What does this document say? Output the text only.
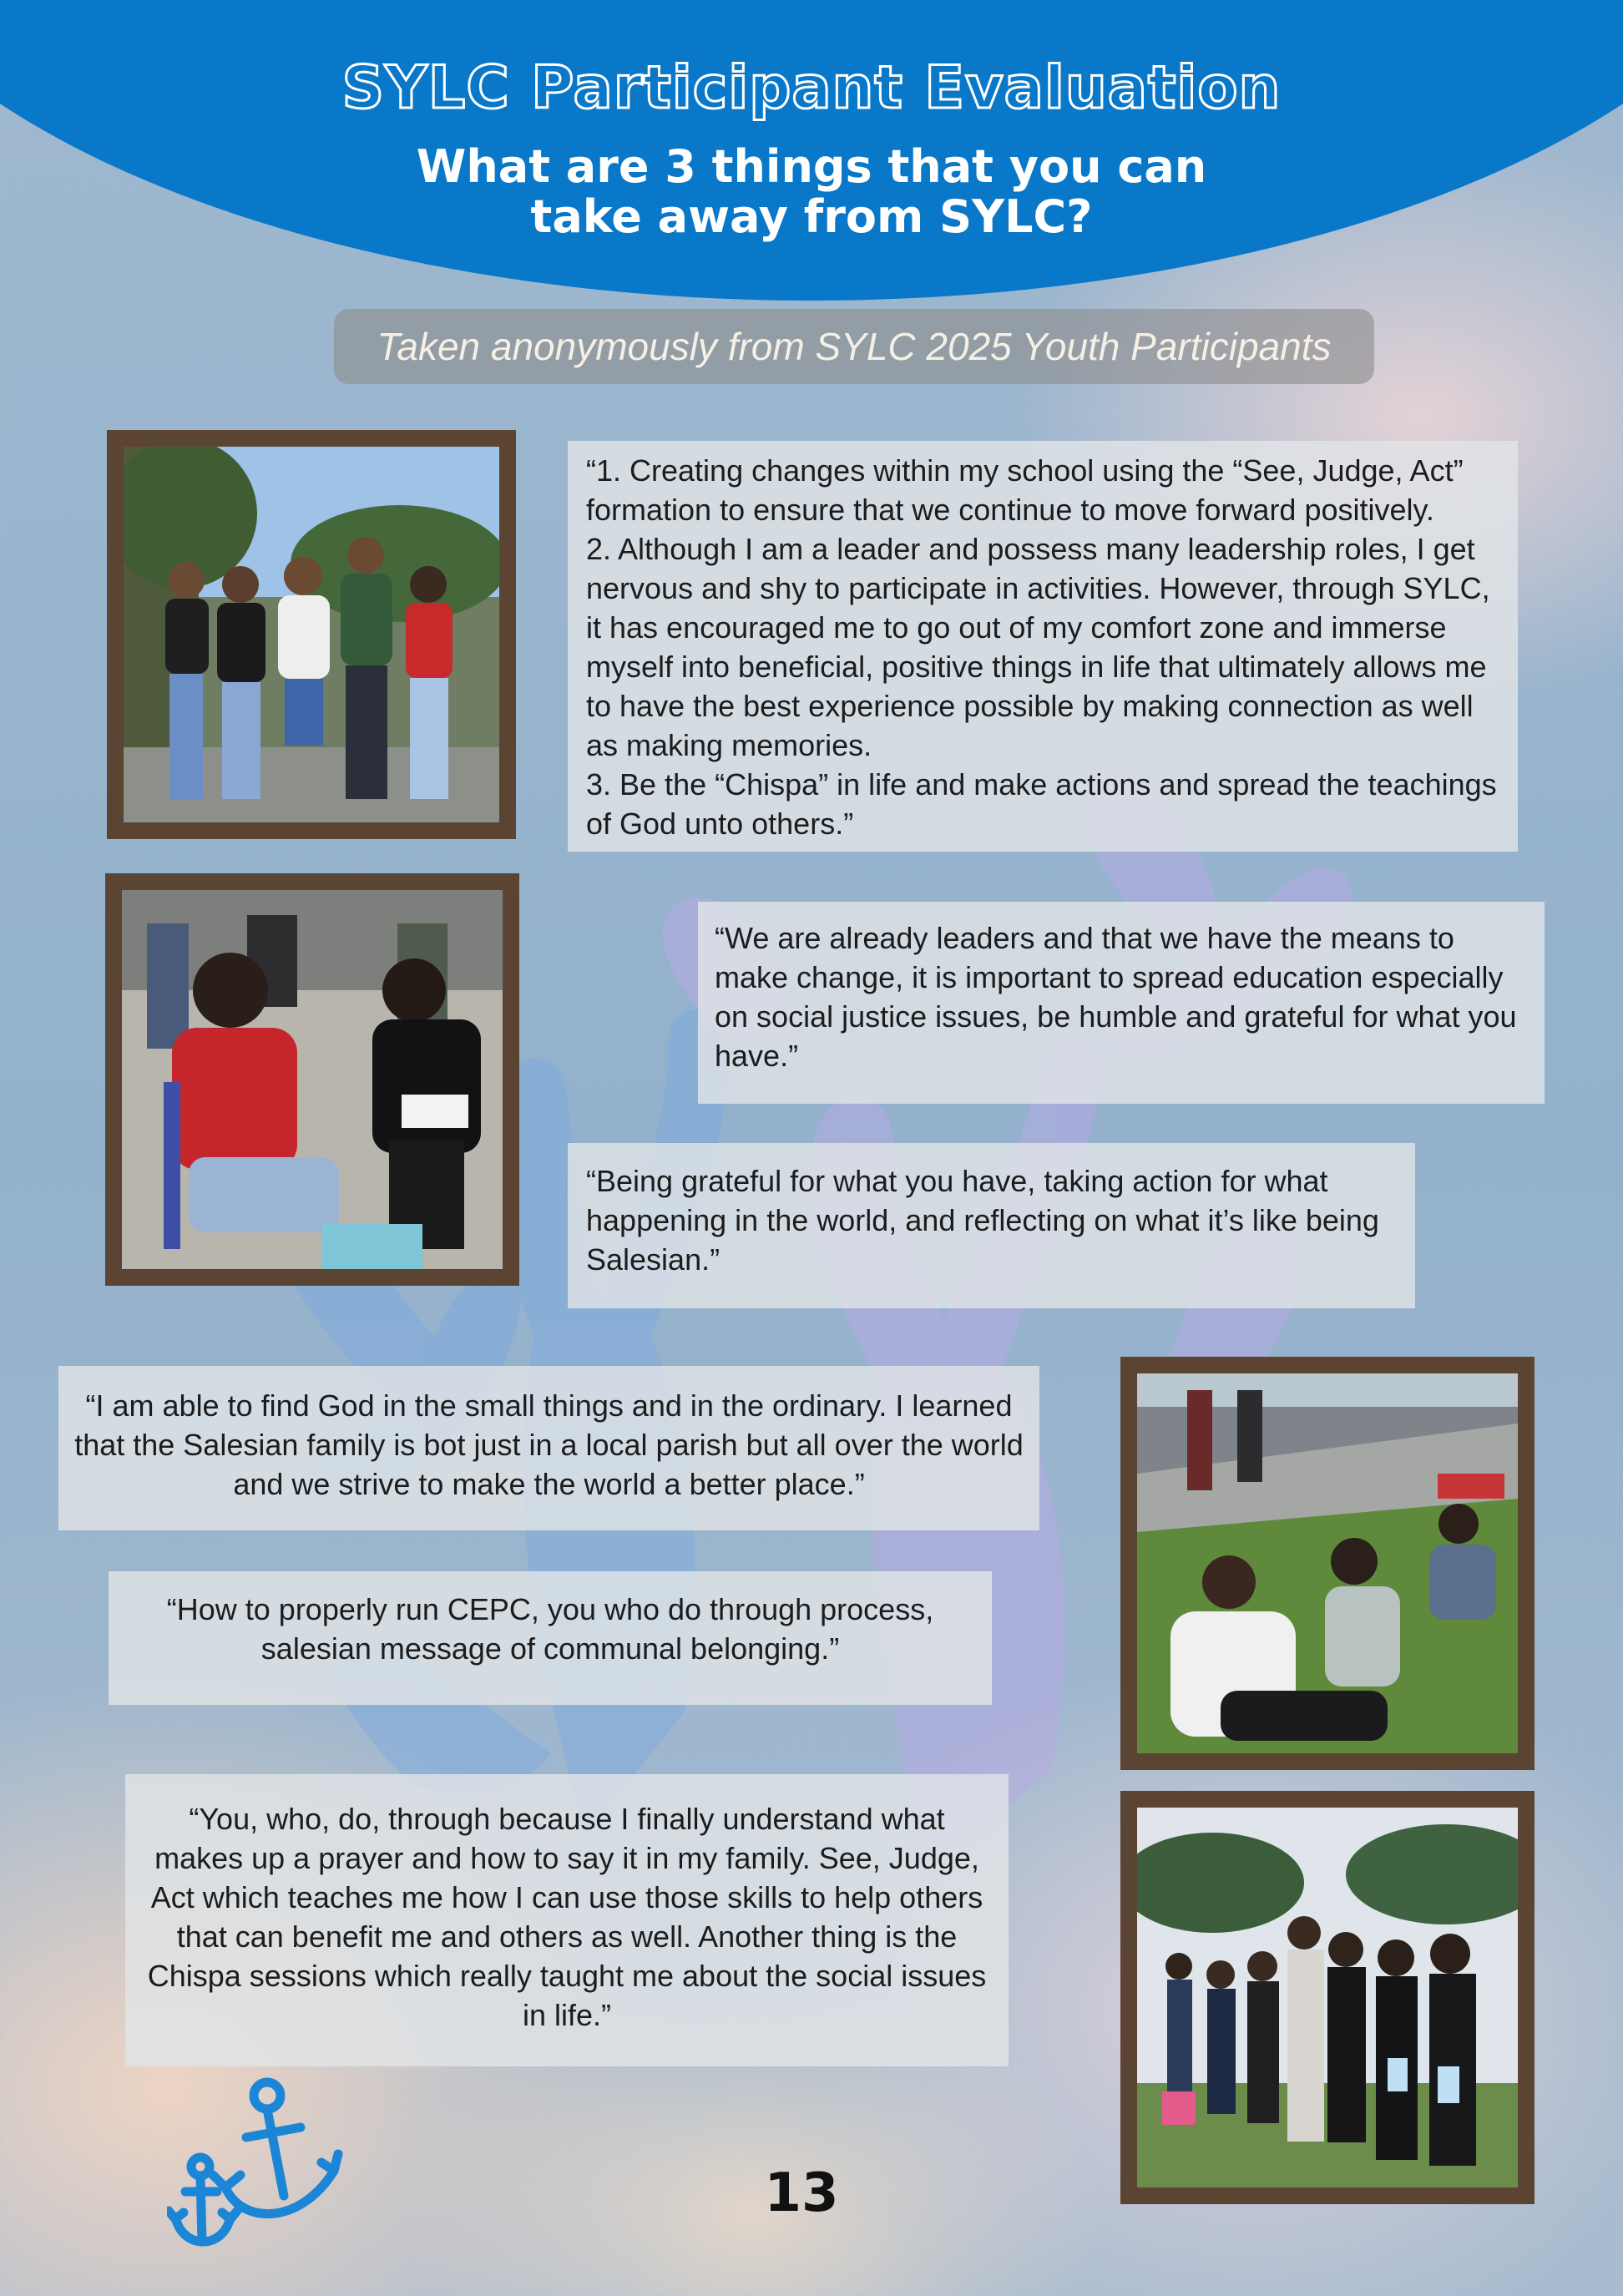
SYLC Participant Evaluation
What are 3 things that you can
take away from SYLC?
Taken anonymously from SYLC 2025 Youth Participants
“1. Creating changes within my school using the “See, Judge, Act” formation to ensure that we continue to move forward positively.
2. Although I am a leader and possess many leadership roles, I get nervous and shy to participate in activities. However, through SYLC, it has encouraged me to go out of my comfort zone and immerse myself into beneficial, positive things in life that ultimately allows me to have the best experience possible by making connection as well as making memories.
3. Be the “Chispa” in life and make actions and spread the teachings of God unto others.”
“We are already leaders and that we have the means to make change, it is important to spread education especially on social justice issues, be humble and grateful for what you have.”
“Being grateful for what you have, taking action for what happening in the world, and reflecting on what it’s like being Salesian.”
“I am able to find God in the small things and in the ordinary. I learned that the Salesian family is bot just in a local parish but all over the world and we strive to make the world a better place.”
“How to properly run CEPC, you who do through process, salesian message of communal belonging.”
“You, who, do, through because I finally understand what makes up a prayer and how to say it in my family. See, Judge, Act which teaches me how I can use those skills to help others that can benefit me and others as well. Another thing is the Chispa sessions which really taught me about the social issues in life.”
13
